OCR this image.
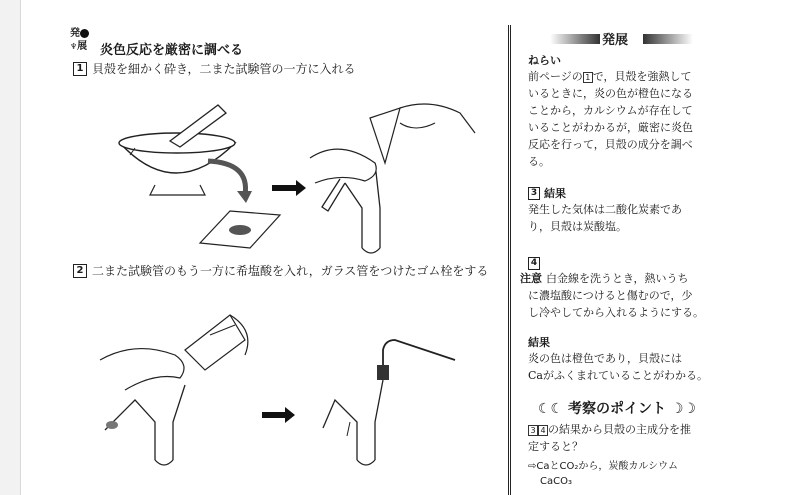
発
♆展 炎色反応を厳密に調べる
1 貝殻を細かく砕き，二また試験管の一方に入れる
2 二また試験管のもう一方に希塩酸を入れ，ガラス管をつけたゴム栓をする
発展
ねらい
前ページの 1 で，貝殻を強熱して
いるときに，炎の色が橙色になる
ことから，カルシウムが存在して
いることがわかるが，厳密に炎色
反応を行って，貝殻の成分を調べ
る。
3 結果
発生した気体は二酸化炭素であ
り，貝殻は炭酸塩。
4
注意 白金線を洗うとき，熱いうち
に濃塩酸につけると傷むので，少
し冷やしてから入れるようにする。
結果
炎の色は橙色であり，貝殻には
Caがふくまれていることがわかる。
☾☾ 考察のポイント ☽☽
3 4 の結果から貝殻の主成分を推
定すると？
⇨CaとCO₂から，炭酸カルシウム
CaCO₃
